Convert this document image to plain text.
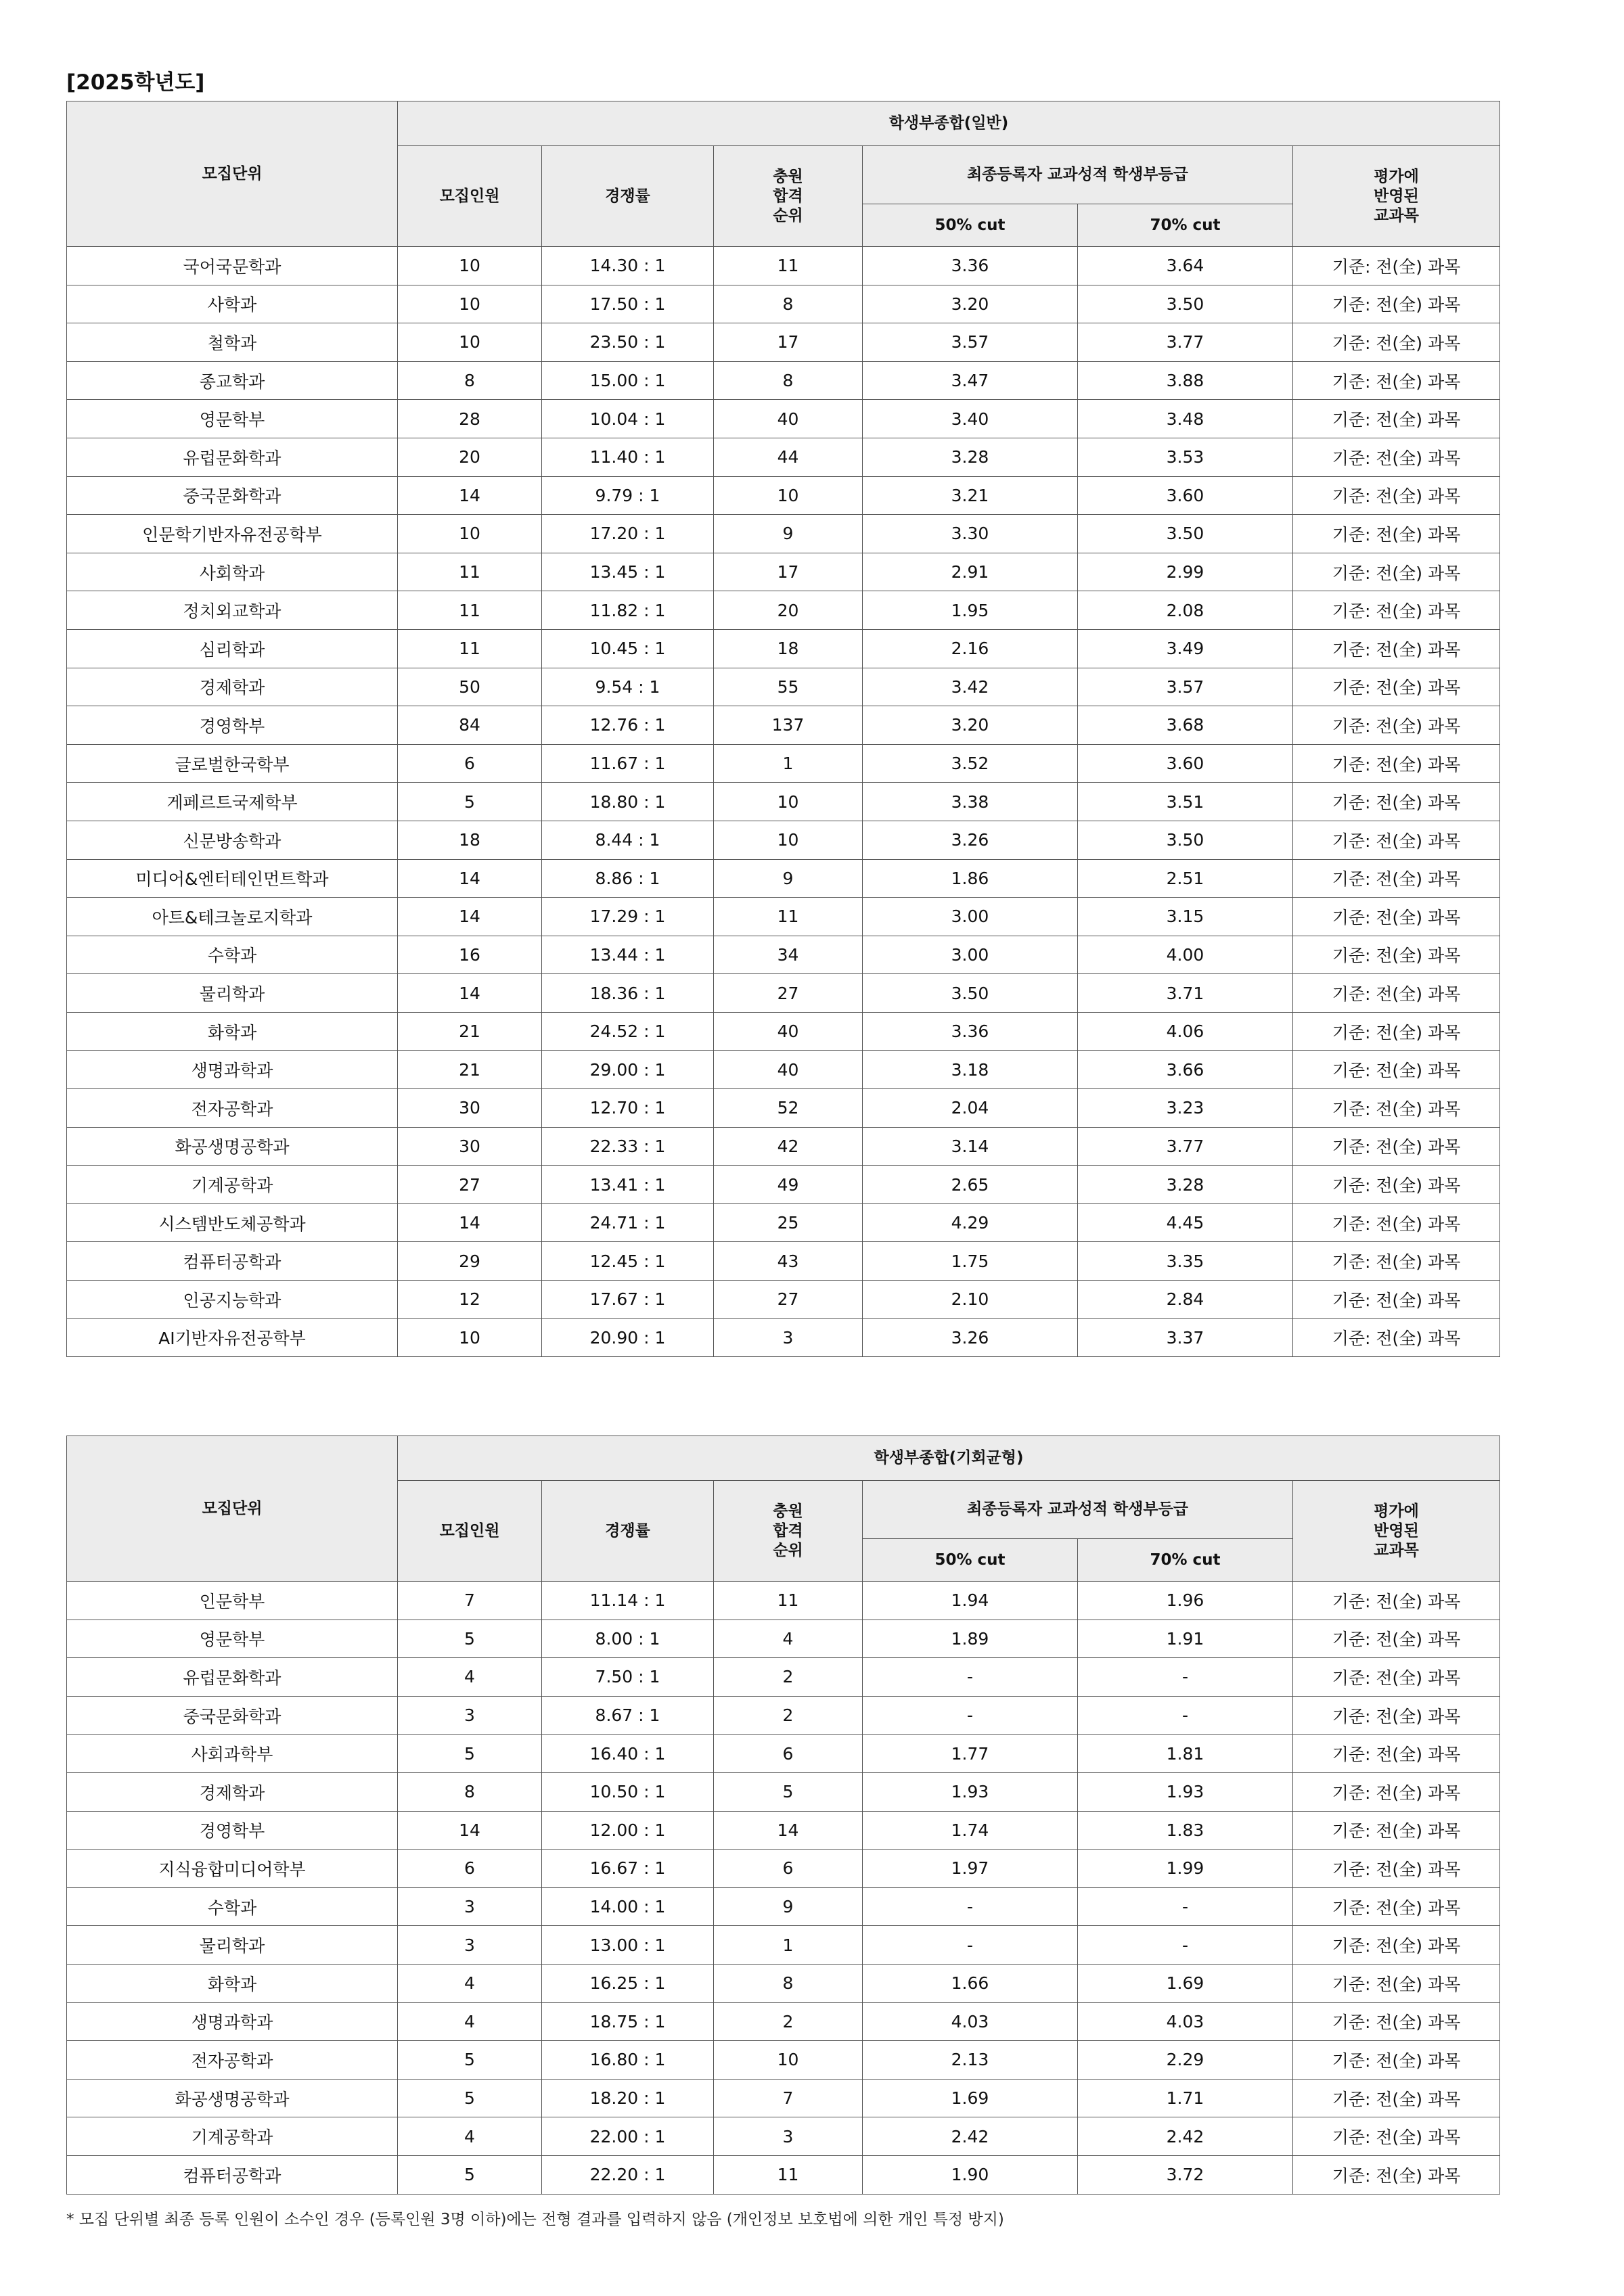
[2025학년도]
모집단위	학생부종합(일반)					
	모집인원	경쟁률	충원
합격
순위	최종등록자 교과성적 학생부등급		평가에
반영된
교과목
				50% cut	70% cut	
국어국문학과	10	14.30 : 1	11	3.36	3.64	기준: 전(全) 과목
사학과	10	17.50 : 1	8	3.20	3.50	기준: 전(全) 과목
철학과	10	23.50 : 1	17	3.57	3.77	기준: 전(全) 과목
종교학과	8	15.00 : 1	8	3.47	3.88	기준: 전(全) 과목
영문학부	28	10.04 : 1	40	3.40	3.48	기준: 전(全) 과목
유럽문화학과	20	11.40 : 1	44	3.28	3.53	기준: 전(全) 과목
중국문화학과	14	9.79 : 1	10	3.21	3.60	기준: 전(全) 과목
인문학기반자유전공학부	10	17.20 : 1	9	3.30	3.50	기준: 전(全) 과목
사회학과	11	13.45 : 1	17	2.91	2.99	기준: 전(全) 과목
정치외교학과	11	11.82 : 1	20	1.95	2.08	기준: 전(全) 과목
심리학과	11	10.45 : 1	18	2.16	3.49	기준: 전(全) 과목
경제학과	50	9.54 : 1	55	3.42	3.57	기준: 전(全) 과목
경영학부	84	12.76 : 1	137	3.20	3.68	기준: 전(全) 과목
글로벌한국학부	6	11.67 : 1	1	3.52	3.60	기준: 전(全) 과목
게페르트국제학부	5	18.80 : 1	10	3.38	3.51	기준: 전(全) 과목
신문방송학과	18	8.44 : 1	10	3.26	3.50	기준: 전(全) 과목
미디어&엔터테인먼트학과	14	8.86 : 1	9	1.86	2.51	기준: 전(全) 과목
아트&테크놀로지학과	14	17.29 : 1	11	3.00	3.15	기준: 전(全) 과목
수학과	16	13.44 : 1	34	3.00	4.00	기준: 전(全) 과목
물리학과	14	18.36 : 1	27	3.50	3.71	기준: 전(全) 과목
화학과	21	24.52 : 1	40	3.36	4.06	기준: 전(全) 과목
생명과학과	21	29.00 : 1	40	3.18	3.66	기준: 전(全) 과목
전자공학과	30	12.70 : 1	52	2.04	3.23	기준: 전(全) 과목
화공생명공학과	30	22.33 : 1	42	3.14	3.77	기준: 전(全) 과목
기계공학과	27	13.41 : 1	49	2.65	3.28	기준: 전(全) 과목
시스템반도체공학과	14	24.71 : 1	25	4.29	4.45	기준: 전(全) 과목
컴퓨터공학과	29	12.45 : 1	43	1.75	3.35	기준: 전(全) 과목
인공지능학과	12	17.67 : 1	27	2.10	2.84	기준: 전(全) 과목
AI기반자유전공학부	10	20.90 : 1	3	3.26	3.37	기준: 전(全) 과목
모집단위	학생부종합(기회균형)					
	모집인원	경쟁률	충원
합격
순위	최종등록자 교과성적 학생부등급		평가에
반영된
교과목
				50% cut	70% cut	
인문학부	7	11.14 : 1	11	1.94	1.96	기준: 전(全) 과목
영문학부	5	8.00 : 1	4	1.89	1.91	기준: 전(全) 과목
유럽문화학과	4	7.50 : 1	2	-	-	기준: 전(全) 과목
중국문화학과	3	8.67 : 1	2	-	-	기준: 전(全) 과목
사회과학부	5	16.40 : 1	6	1.77	1.81	기준: 전(全) 과목
경제학과	8	10.50 : 1	5	1.93	1.93	기준: 전(全) 과목
경영학부	14	12.00 : 1	14	1.74	1.83	기준: 전(全) 과목
지식융합미디어학부	6	16.67 : 1	6	1.97	1.99	기준: 전(全) 과목
수학과	3	14.00 : 1	9	-	-	기준: 전(全) 과목
물리학과	3	13.00 : 1	1	-	-	기준: 전(全) 과목
화학과	4	16.25 : 1	8	1.66	1.69	기준: 전(全) 과목
생명과학과	4	18.75 : 1	2	4.03	4.03	기준: 전(全) 과목
전자공학과	5	16.80 : 1	10	2.13	2.29	기준: 전(全) 과목
화공생명공학과	5	18.20 : 1	7	1.69	1.71	기준: 전(全) 과목
기계공학과	4	22.00 : 1	3	2.42	2.42	기준: 전(全) 과목
컴퓨터공학과	5	22.20 : 1	11	1.90	3.72	기준: 전(全) 과목
* 모집 단위별 최종 등록 인원이 소수인 경우 (등록인원 3명 이하)에는 전형 결과를 입력하지 않음 (개인정보 보호법에 의한 개인 특정 방지)
